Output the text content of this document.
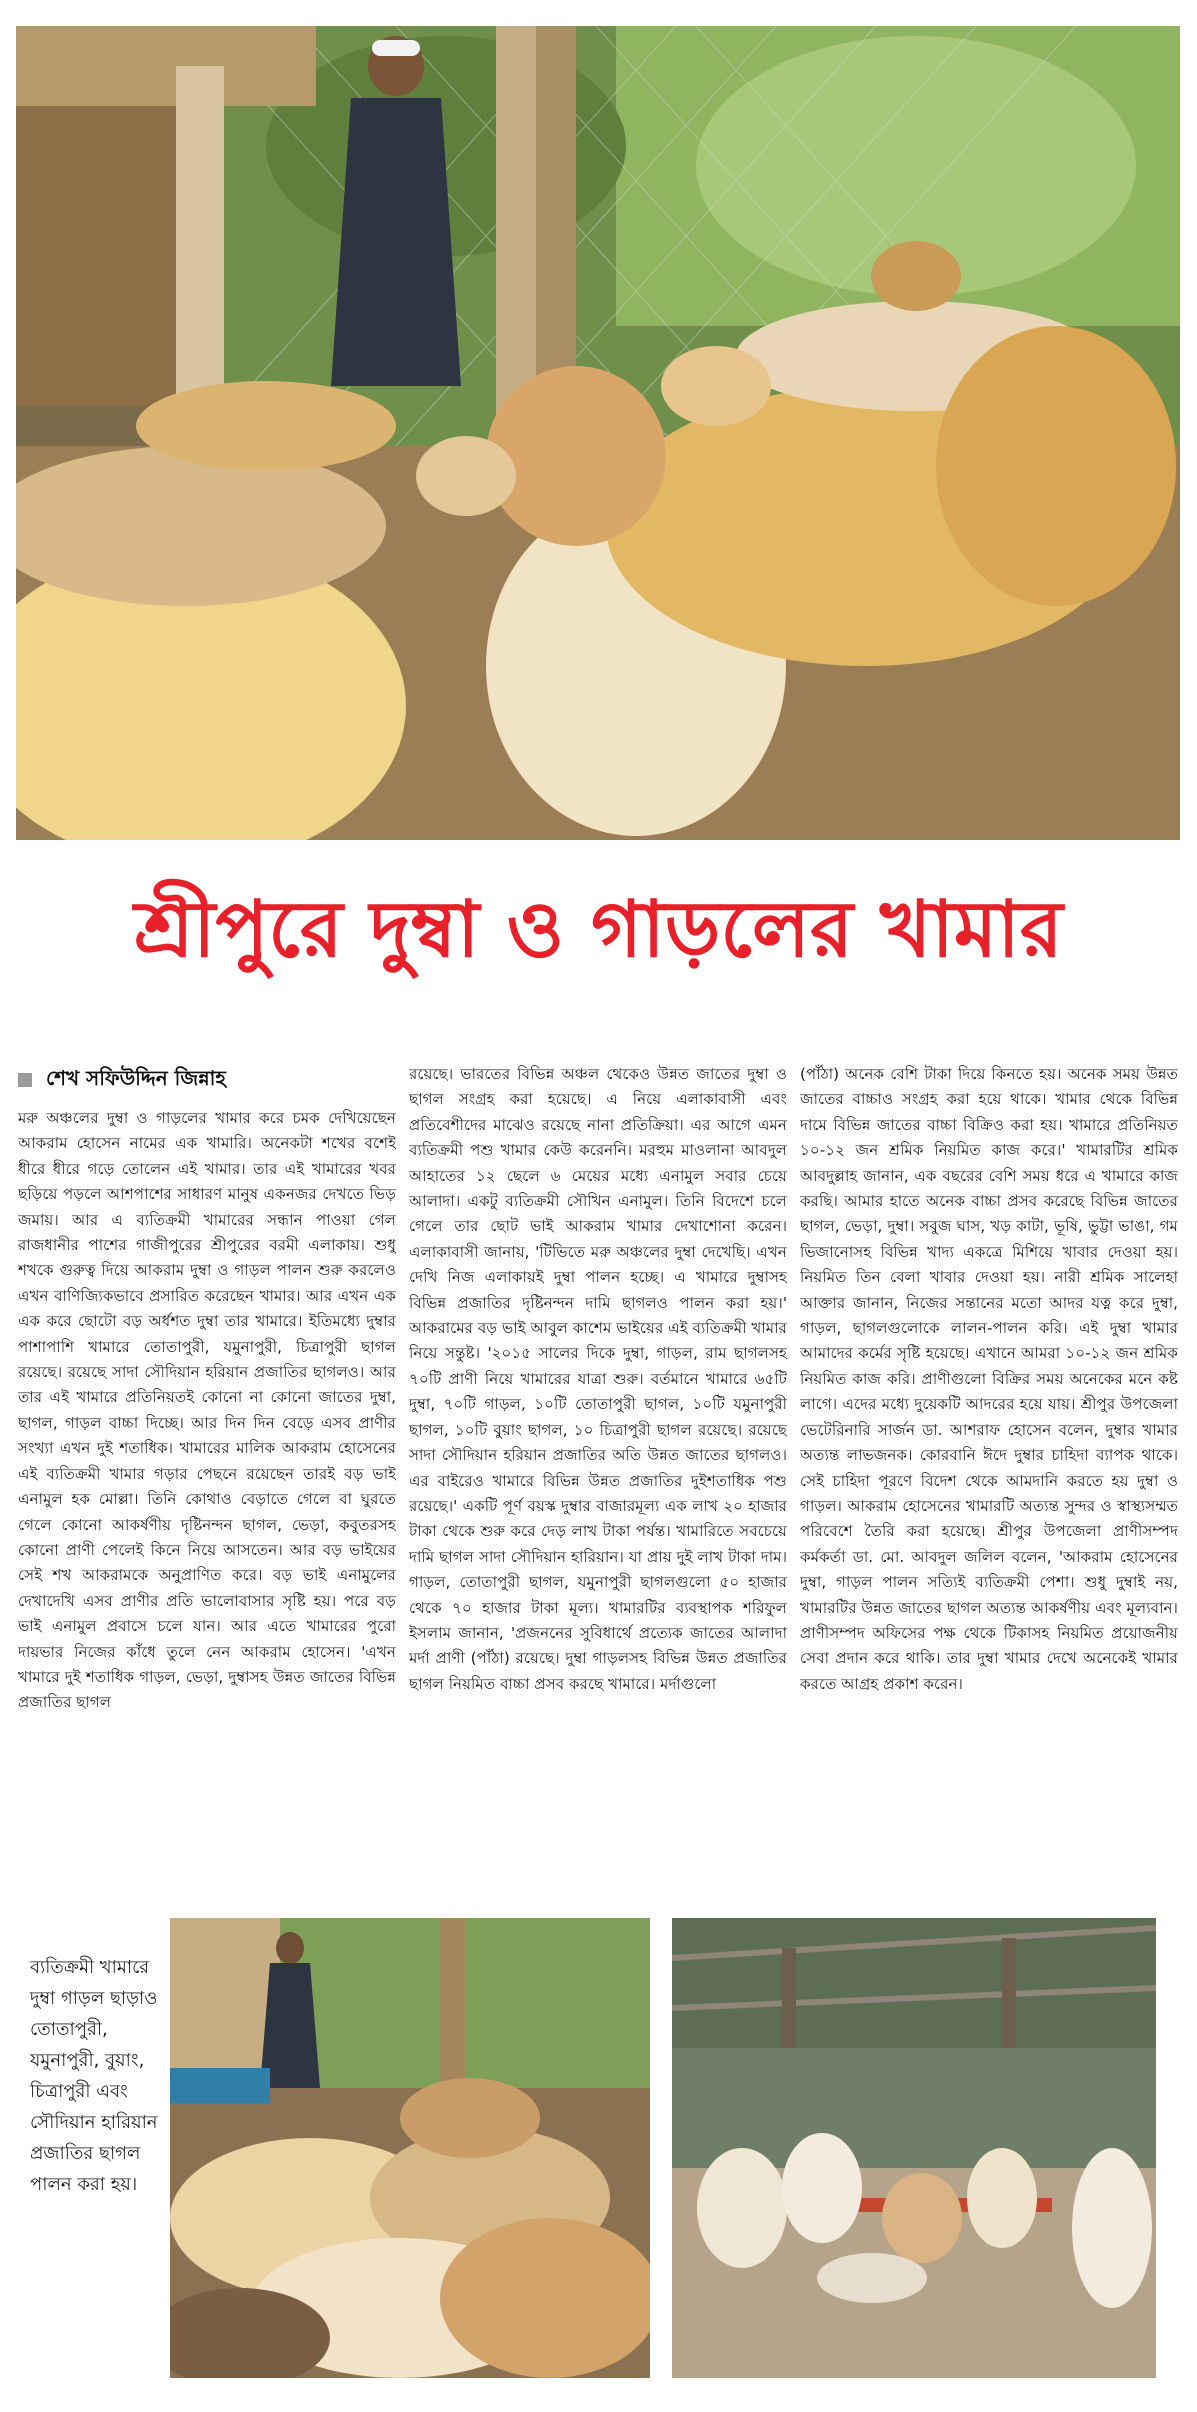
শ্রীপুরে দুম্বা ও গাড়লের খামার
শেখ সফিউদ্দিন জিন্নাহ

মরু অঞ্চলের দুম্বা ও গাড়লের খামার করে চমক দেখিয়েছেন আকরাম হোসেন নামের এক খামারি। অনেকটা শখের বশেই ধীরে ধীরে গড়ে তোলেন এই খামার। তার এই খামারের খবর ছড়িয়ে পড়লে আশপাশের সাধারণ মানুষ একনজর দেখতে ভিড় জমায়। আর এ ব্যতিক্রমী খামারের সন্ধান পাওয়া গেল রাজধানীর পাশের গাজীপুরের শ্রীপুরের বরমী এলাকায়। শুধু শখকে গুরুত্ব দিয়ে আকরাম দুম্বা ও গাড়ল পালন শুরু করলেও এখন বাণিজ্যিকভাবে প্রসারিত করেছেন খামার। আর এখন এক এক করে ছোটো বড় অর্ধশত দুম্বা তার খামারে। ইতিমধ্যে দুম্বার পাশাপাশি খামারে তোতাপুরী, যমুনাপুরী, চিত্রাপুরী ছাগল রয়েছে। রয়েছে সাদা সৌদিয়ান হরিয়ান প্রজাতির ছাগলও। আর তার এই খামারে প্রতিনিয়তই কোনো না কোনো জাতের দুম্বা, ছাগল, গাড়ল বাচ্চা দিচ্ছে। আর দিন দিন বেড়ে এসব প্রাণীর সংখ্যা এখন দুই শতাধিক। খামারের মালিক আকরাম হোসেনের এই ব্যতিক্রমী খামার গড়ার পেছনে রয়েছেন তারই বড় ভাই এনামুল হক মোল্লা। তিনি কোথাও বেড়াতে গেলে বা ঘুরতে গেলে কোনো আকর্ষণীয় দৃষ্টিনন্দন ছাগল, ভেড়া, কবুতরসহ কোনো প্রাণী পেলেই কিনে নিয়ে আসতেন। আর বড় ভাইয়ের সেই শখ আকরামকে অনুপ্রাণিত করে। বড় ভাই এনামুলের দেখাদেখি এসব প্রাণীর প্রতি ভালোবাসার সৃষ্টি হয়। পরে বড় ভাই এনামুল প্রবাসে চলে যান। আর এতে খামারের পুরো দায়ভার নিজের কাঁধে তুলে নেন আকরাম হোসেন। 'এখন খামারে দুই শতাধিক গাড়ল, ভেড়া, দুম্বাসহ উন্নত জাতের বিভিন্ন প্রজাতির ছাগল

রয়েছে। ভারতের বিভিন্ন অঞ্চল থেকেও উন্নত জাতের দুম্বা ও ছাগল সংগ্রহ করা হয়েছে। এ নিয়ে এলাকাবাসী এবং প্রতিবেশীদের মাঝেও রয়েছে নানা প্রতিক্রিয়া। এর আগে এমন ব্যতিক্রমী পশু খামার কেউ করেননি। মরহুম মাওলানা আবদুল আহাতের ১২ ছেলে ৬ মেয়ের মধ্যে এনামুল সবার চেয়ে আলাদা। একটু ব্যতিক্রমী সৌখিন এনামুল। তিনি বিদেশে চলে গেলে তার ছোট ভাই আকরাম খামার দেখাশোনা করেন। এলাকাবাসী জানায়, 'টিভিতে মরু অঞ্চলের দুম্বা দেখেছি। এখন দেখি নিজ এলাকায়ই দুম্বা পালন হচ্ছে। এ খামারে দুম্বাসহ বিভিন্ন প্রজাতির দৃষ্টিনন্দন দামি ছাগলও পালন করা হয়।' আকরামের বড় ভাই আবুল কাশেম ভাইয়ের এই ব্যতিক্রমী খামার নিয়ে সন্তুষ্ট। '২০১৫ সালের দিকে দুম্বা, গাড়ল, রাম ছাগলসহ ৭০টি প্রাণী নিয়ে খামারের যাত্রা শুরু। বর্তমানে খামারে ৬৫টি দুম্বা, ৭০টি গাড়ল, ১০টি তোতাপুরী ছাগল, ১০টি যমুনাপুরী ছাগল, ১০টি বুয়াং ছাগল, ১০ চিত্রাপুরী ছাগল রয়েছে। রয়েছে সাদা সৌদিয়ান হরিয়ান প্রজাতির অতি উন্নত জাতের ছাগলও। এর বাইরেও খামারে বিভিন্ন উন্নত প্রজাতির দুইশতাধিক পশু রয়েছে।' একটি পূর্ণ বয়স্ক দুম্বার বাজারমূল্য এক লাখ ২০ হাজার টাকা থেকে শুরু করে দেড় লাখ টাকা পর্যন্ত। খামারিতে সবচেয়ে দামি ছাগল সাদা সৌদিয়ান হারিয়ান। যা প্রায় দুই লাখ টাকা দাম। গাড়ল, তোতাপুরী ছাগল, যমুনাপুরী ছাগলগুলো ৫০ হাজার থেকে ৭০ হাজার টাকা মূল্য। খামারটির ব্যবস্থাপক শরিফুল ইসলাম জানান, 'প্রজননের সুবিধার্থে প্রত্যেক জাতের আলাদা মর্দা প্রাণী (পাঁঠা) রয়েছে। দুম্বা গাড়লসহ বিভিন্ন উন্নত প্রজাতির ছাগল নিয়মিত বাচ্চা প্রসব করছে খামারে। মর্দাগুলো

(পাঁঠা) অনেক বেশি টাকা দিয়ে কিনতে হয়। অনেক সময় উন্নত জাতের বাচ্চাও সংগ্রহ করা হয়ে থাকে। খামার থেকে বিভিন্ন দামে বিভিন্ন জাতের বাচ্চা বিক্রিও করা হয়। খামারে প্রতিনিয়ত ১০-১২ জন শ্রমিক নিয়মিত কাজ করে।' খামারটির শ্রমিক আবদুল্লাহ জানান, এক বছরের বেশি সময় ধরে এ খামারে কাজ করছি। আমার হাতে অনেক বাচ্চা প্রসব করেছে বিভিন্ন জাতের ছাগল, ভেড়া, দুম্বা। সবুজ ঘাস, খড় কাটা, ভূষি, ভুট্টা ভাঙা, গম ভিজানোসহ বিভিন্ন খাদ্য একত্রে মিশিয়ে খাবার দেওয়া হয়। নিয়মিত তিন বেলা খাবার দেওয়া হয়। নারী শ্রমিক সালেহা আক্তার জানান, নিজের সন্তানের মতো আদর যত্ন করে দুম্বা, গাড়ল, ছাগলগুলোকে লালন-পালন করি। এই দুম্বা খামার আমাদের কর্মের সৃষ্টি হয়েছে। এখানে আমরা ১০-১২ জন শ্রমিক নিয়মিত কাজ করি। প্রাণীগুলো বিক্রির সময় অনেকের মনে কষ্ট লাগে। এদের মধ্যে দুয়েকটি আদরের হয়ে যায়। শ্রীপুর উপজেলা ভেটেরিনারি সার্জন ডা. আশরাফ হোসেন বলেন, দুম্বার খামার অত্যন্ত লাভজনক। কোরবানি ঈদে দুম্বার চাহিদা ব্যাপক থাকে। সেই চাহিদা পূরণে বিদেশ থেকে আমদানি করতে হয় দুম্বা ও গাড়ল। আকরাম হোসেনের খামারটি অত্যন্ত সুন্দর ও স্বাস্থ্যসম্মত পরিবেশে তৈরি করা হয়েছে। শ্রীপুর উপজেলা প্রাণীসম্পদ কর্মকর্তা ডা. মো. আবদুল জলিল বলেন, 'আকরাম হোসেনের দুম্বা, গাড়ল পালন সত্যিই ব্যতিক্রমী পেশা। শুধু দুম্বাই নয়, খামারটির উন্নত জাতের ছাগল অত্যন্ত আকর্ষণীয় এবং মূল্যবান। প্রাণীসম্পদ অফিসের পক্ষ থেকে টিকাসহ নিয়মিত প্রয়োজনীয় সেবা প্রদান করে থাকি। তার দুম্বা খামার দেখে অনেকেই খামার করতে আগ্রহ প্রকাশ করেন।

ব্যতিক্রমী খামারে দুম্বা গাড়ল ছাড়াও তোতাপুরী, যমুনাপুরী, বুয়াং, চিত্রাপুরী এবং সৌদিয়ান হারিয়ান প্রজাতির ছাগল পালন করা হয়।
